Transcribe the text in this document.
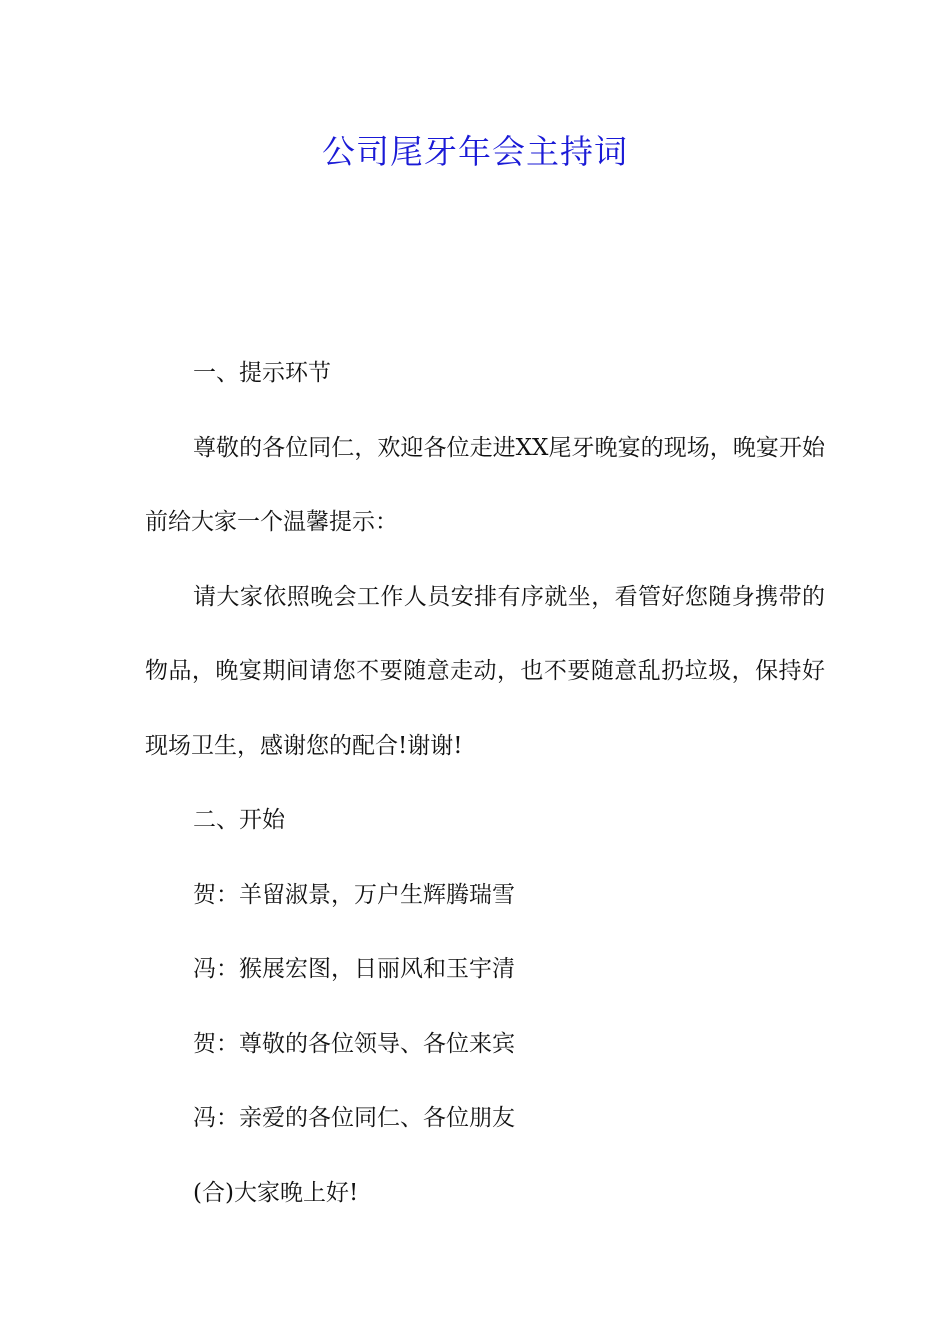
公司尾牙年会主持词

一、提示环节

尊敬的各位同仁，欢迎各位走进XX尾牙晚宴的现场，晚宴开始前给大家一个温馨提示：

请大家依照晚会工作人员安排有序就坐，看管好您随身携带的物品，晚宴期间请您不要随意走动，也不要随意乱扔垃圾，保持好现场卫生，感谢您的配合!谢谢!

二、开始

贺：羊留淑景，万户生辉腾瑞雪

冯：猴展宏图，日丽风和玉宇清

贺：尊敬的各位领导、各位来宾

冯：亲爱的各位同仁、各位朋友

(合)大家晚上好!
